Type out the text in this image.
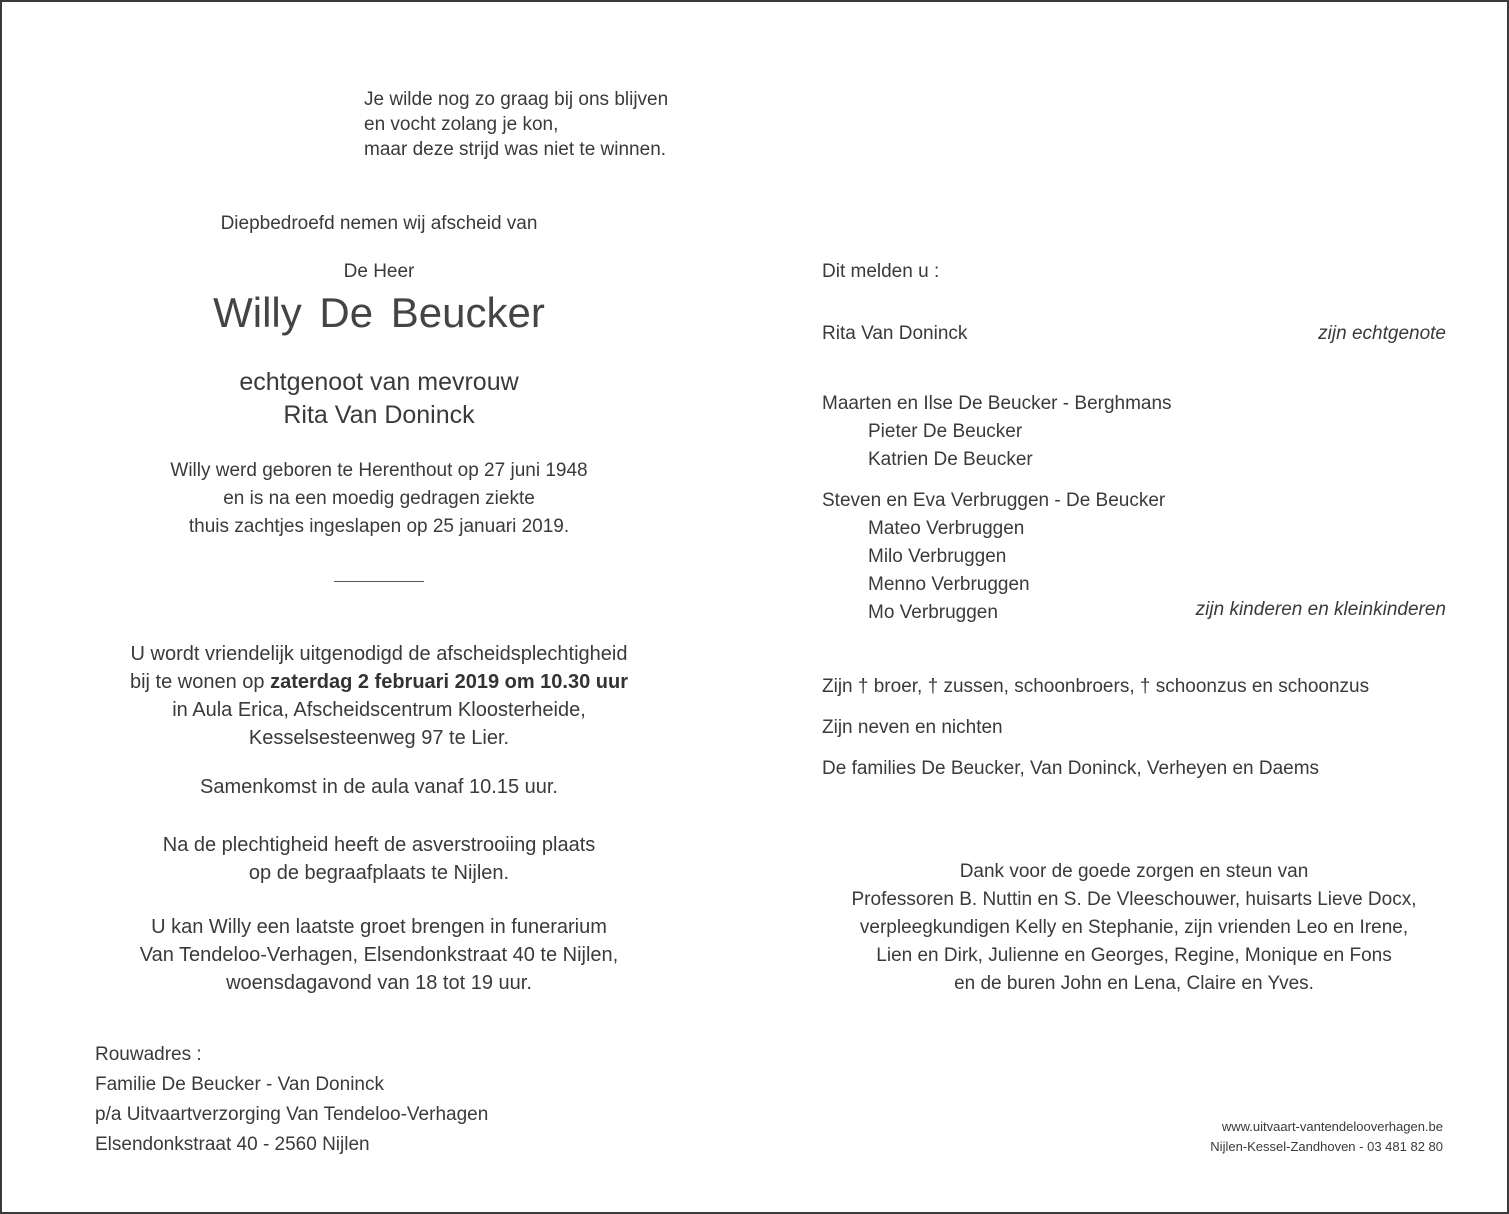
Je wilde nog zo graag bij ons blijven
en vocht zolang je kon,
maar deze strijd was niet te winnen.
Diepbedroefd nemen wij afscheid van
De Heer
Willy De Beucker
echtgenoot van mevrouw
Rita Van Doninck
Willy werd geboren te Herenthout op 27 juni 1948
en is na een moedig gedragen ziekte
thuis zachtjes ingeslapen op 25 januari 2019.
U wordt vriendelijk uitgenodigd de afscheidsplechtigheid
bij te wonen op zaterdag 2 februari 2019 om 10.30 uur
in Aula Erica, Afscheidscentrum Kloosterheide,
Kesselsesteenweg 97 te Lier.
Samenkomst in de aula vanaf 10.15 uur.
Na de plechtigheid heeft de asverstrooiing plaats
op de begraafplaats te Nijlen.
U kan Willy een laatste groet brengen in funerarium
Van Tendeloo-Verhagen, Elsendonkstraat 40 te Nijlen,
woensdagavond van 18 tot 19 uur.
Rouwadres :
Familie De Beucker - Van Doninck
p/a Uitvaartverzorging Van Tendeloo-Verhagen
Elsendonkstraat 40 - 2560 Nijlen
Dit melden u :
Rita Van Doninck	zijn echtgenote
Maarten en Ilse De Beucker - Berghmans
Pieter De Beucker
Katrien De Beucker
Steven en Eva Verbruggen - De Beucker
Mateo Verbruggen
Milo Verbruggen
Menno Verbruggen
Mo Verbruggen	zijn kinderen en kleinkinderen
Zijn † broer, † zussen, schoonbroers, † schoonzus en schoonzus
Zijn neven en nichten
De families De Beucker, Van Doninck, Verheyen en Daems
Dank voor de goede zorgen en steun van
Professoren B. Nuttin en S. De Vleeschouwer, huisarts Lieve Docx,
verpleegkundigen Kelly en Stephanie, zijn vrienden Leo en Irene,
Lien en Dirk, Julienne en Georges, Regine, Monique en Fons
en de buren John en Lena, Claire en Yves.
www.uitvaart-vantendelooverhagen.be
Nijlen-Kessel-Zandhoven - 03 481 82 80
